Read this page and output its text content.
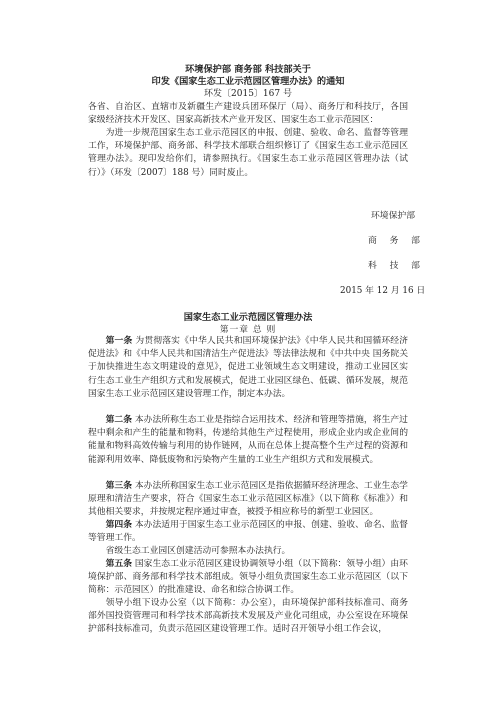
环境保护部 商务部 科技部关于
印发《国家生态工业示范园区管理办法》的通知
环发〔2015〕167 号

各省、自治区、直辖市及新疆生产建设兵团环保厅（局）、商务厅和科技厅，各国家级经济技术开发区、国家高新技术产业开发区、国家生态工业示范园区：

为进一步规范国家生态工业示范园区的申报、创建、验收、命名、监督等管理工作，环境保护部、商务部、科学技术部联合组织修订了《国家生态工业示范园区管理办法》。现印发给你们，请参照执行。《国家生态工业示范园区管理办法（试行）》（环发〔2007〕188 号）同时废止。

环境保护部
商 务 部
科 技 部
2015 年 12 月 16 日
国家生态工业示范园区管理办法
第一章 总 则

第一条 为贯彻落实《中华人民共和国环境保护法》《中华人民共和国循环经济促进法》和《中华人民共和国清洁生产促进法》等法律法规和《中共中央 国务院关于加快推进生态文明建设的意见》，促进工业领域生态文明建设，推动工业园区实行生态工业生产组织方式和发展模式，促进工业园区绿色、低碳、循环发展，规范国家生态工业示范园区建设管理工作，制定本办法。

第二条 本办法所称生态工业是指综合运用技术、经济和管理等措施，将生产过程中剩余和产生的能量和物料，传递给其他生产过程使用，形成企业内或企业间的能量和物料高效传输与利用的协作链网，从而在总体上提高整个生产过程的资源和能源利用效率、降低废物和污染物产生量的工业生产组织方式和发展模式。

第三条 本办法所称国家生态工业示范园区是指依据循环经济理念、工业生态学原理和清洁生产要求，符合《国家生态工业示范园区标准》（以下简称《标准》）和其他相关要求，并按规定程序通过审查，被授予相应称号的新型工业园区。

第四条 本办法适用于国家生态工业示范园区的申报、创建、验收、命名、监督等管理工作。

省级生态工业园区创建活动可参照本办法执行。

第五条 国家生态工业示范园区建设协调领导小组（以下简称：领导小组）由环境保护部、商务部和科学技术部组成。领导小组负责国家生态工业示范园区（以下简称：示范园区）的批准建设、命名和综合协调工作。

领导小组下设办公室（以下简称：办公室），由环境保护部科技标准司、商务部外国投资管理司和科学技术部高新技术发展及产业化司组成，办公室设在环境保护部科技标准司，负责示范园区建设管理工作。适时召开领导小组工作会议，
